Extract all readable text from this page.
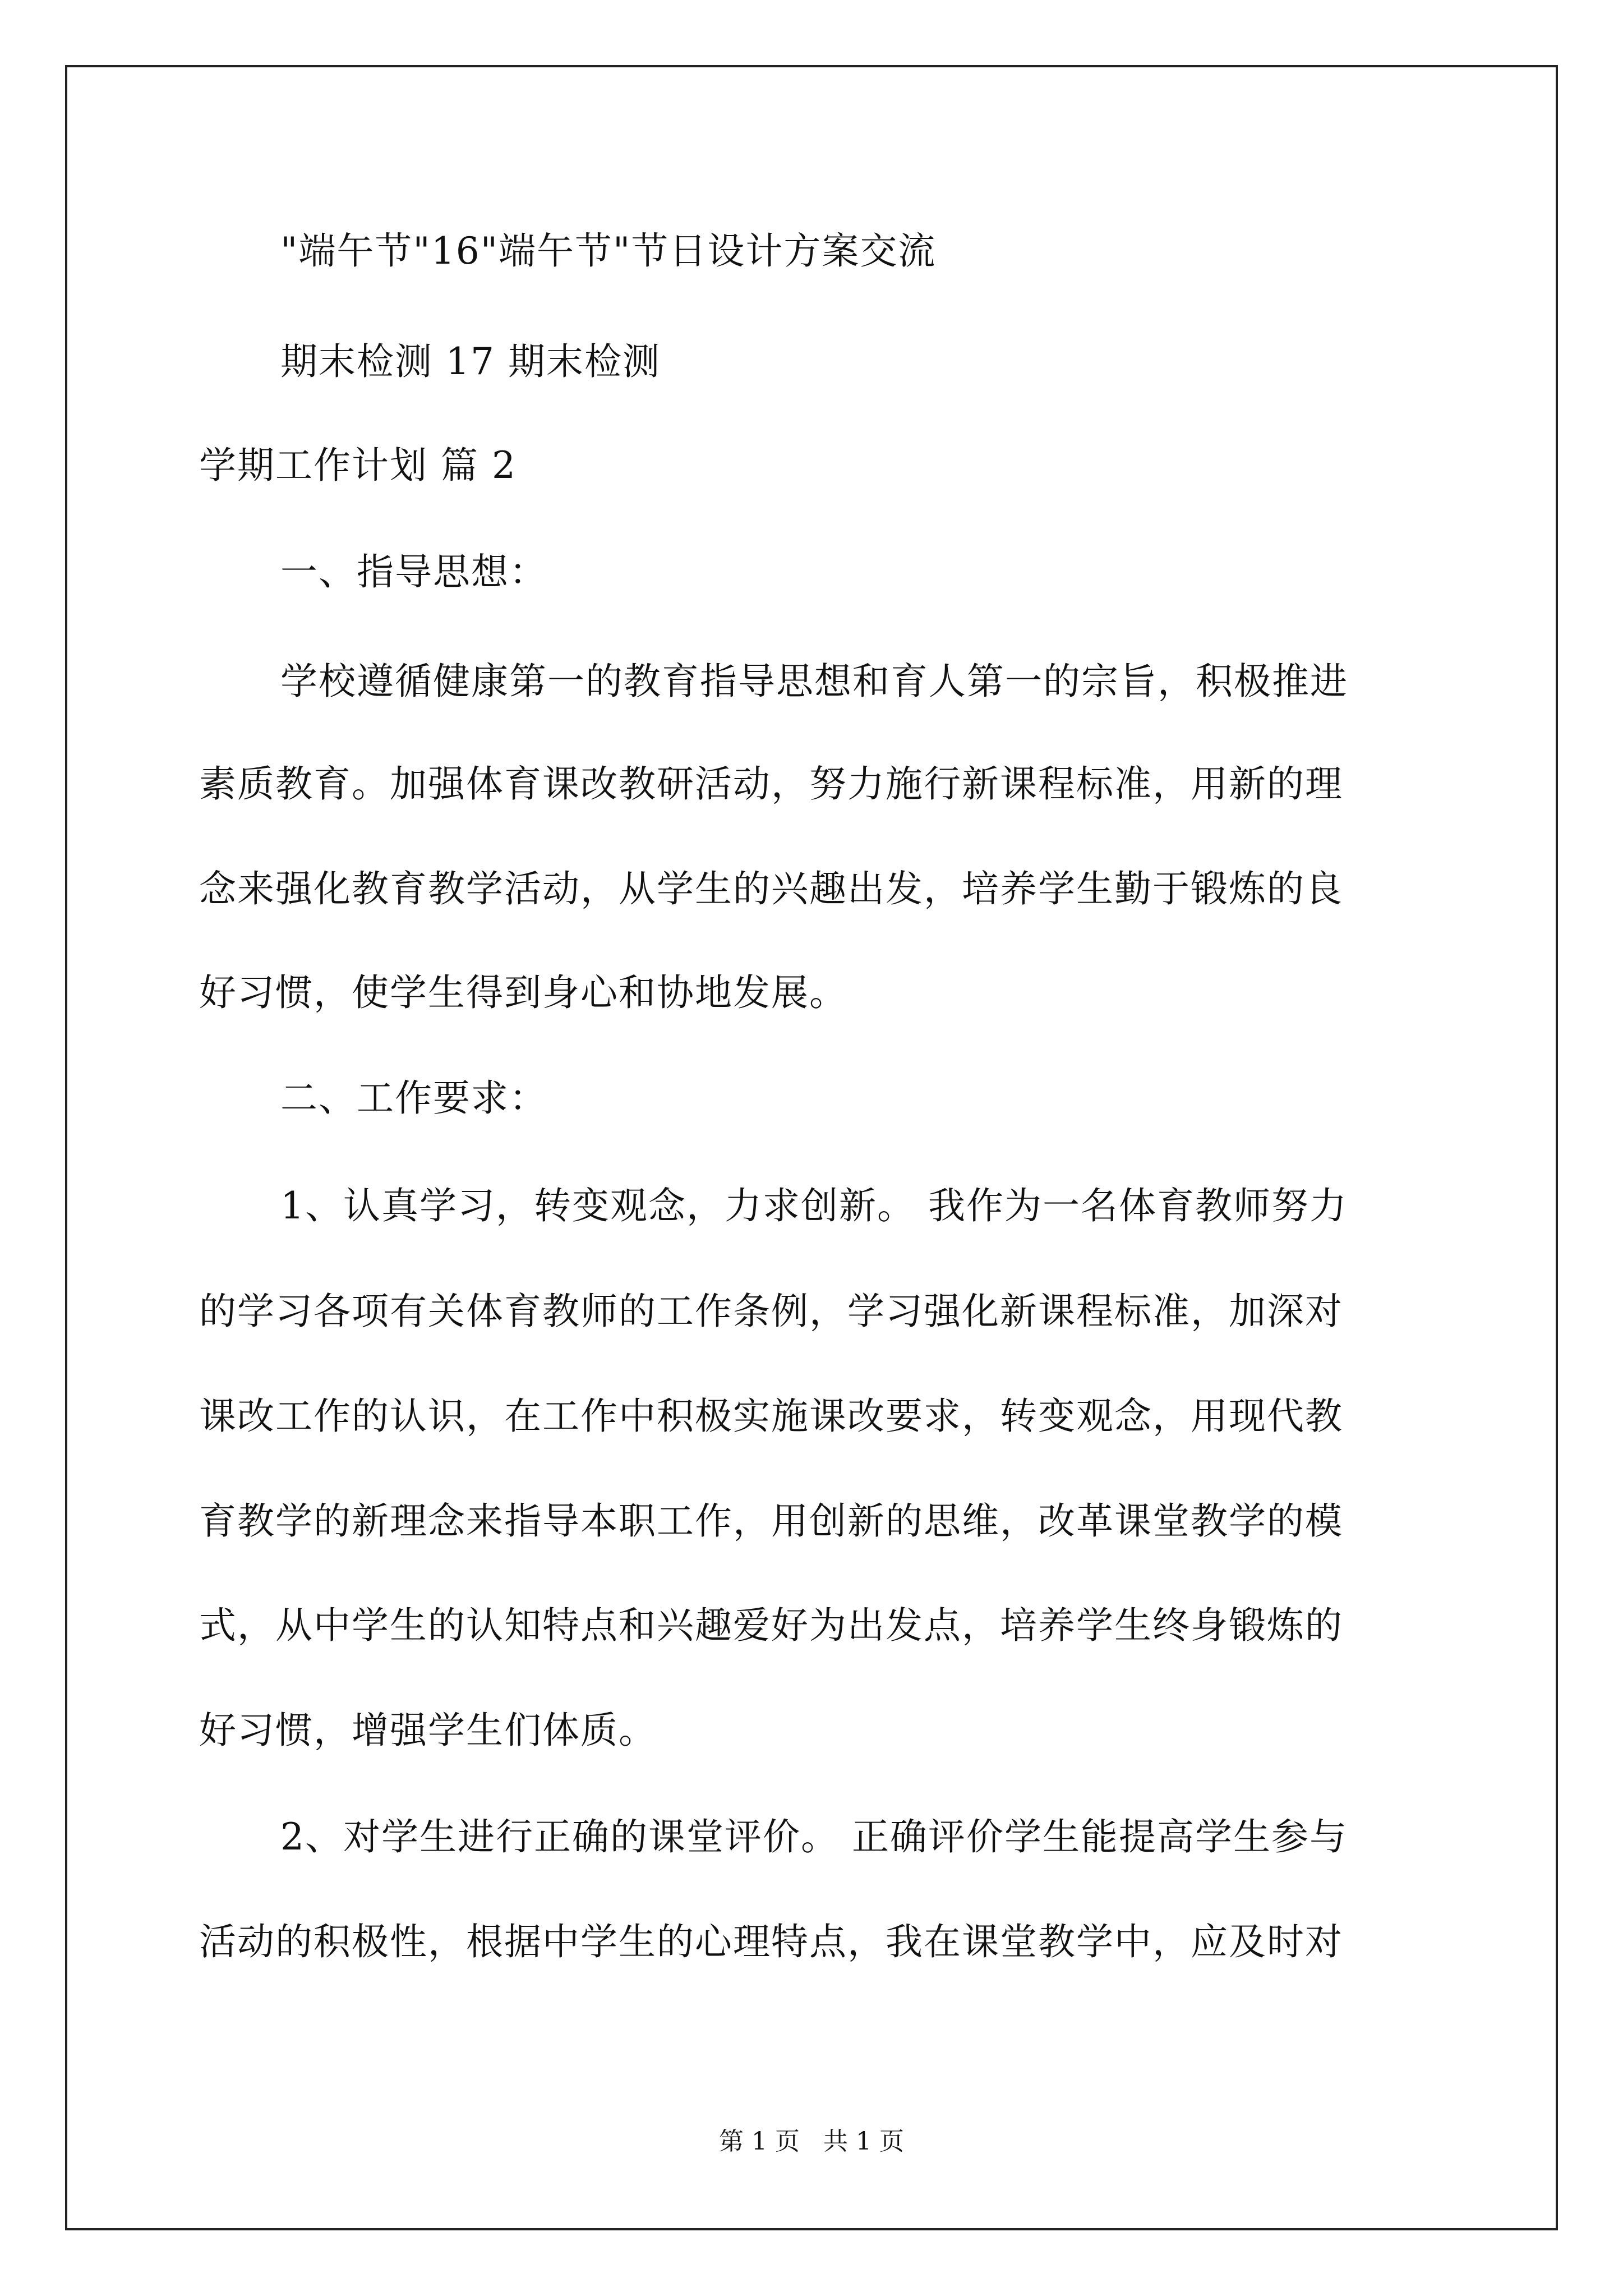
"端午节"16"端午节"节日设计方案交流
期末检测 17 期末检测
学期工作计划 篇 2
一、指导思想：
学校遵循健康第一的教育指导思想和育人第一的宗旨，积极推进
素质教育。加强体育课改教研活动，努力施行新课程标准，用新的理
念来强化教育教学活动，从学生的兴趣出发，培养学生勤于锻炼的良
好习惯，使学生得到身心和协地发展。
二、工作要求：
1、认真学习，转变观念，力求创新。 我作为一名体育教师努力
的学习各项有关体育教师的工作条例，学习强化新课程标准，加深对
课改工作的认识，在工作中积极实施课改要求，转变观念，用现代教
育教学的新理念来指导本职工作，用创新的思维，改革课堂教学的模
式，从中学生的认知特点和兴趣爱好为出发点，培养学生终身锻炼的
好习惯，增强学生们体质。
2、对学生进行正确的课堂评价。 正确评价学生能提高学生参与
活动的积极性，根据中学生的心理特点，我在课堂教学中，应及时对
第 1 页   共 1 页
